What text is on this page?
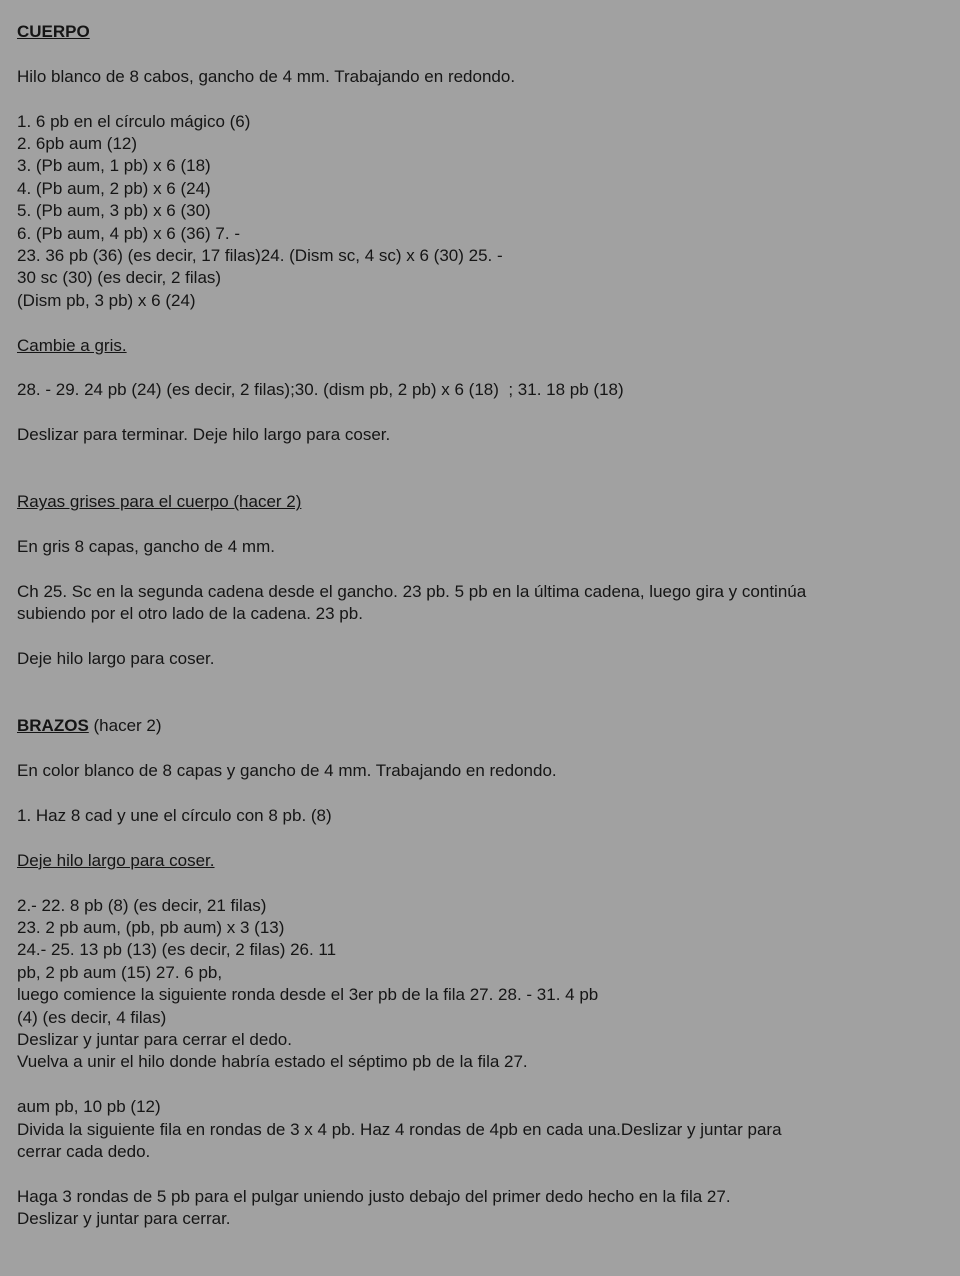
CUERPO
Hilo blanco de 8 cabos, gancho de 4 mm. Trabajando en redondo.
1. 6 pb en el círculo mágico (6)
2. 6pb aum (12)
3. (Pb aum, 1 pb) x 6 (18)
4. (Pb aum, 2 pb) x 6 (24)
5. (Pb aum, 3 pb) x 6 (30)
6. (Pb aum, 4 pb) x 6 (36) 7. -
23. 36 pb (36) (es decir, 17 filas)24. (Dism sc, 4 sc) x 6 (30) 25. -
30 sc (30) (es decir, 2 filas)
(Dism pb, 3 pb) x 6 (24)
Cambie a gris.
28. - 29. 24 pb (24) (es decir, 2 filas);30. (dism pb, 2 pb) x 6 (18)  ; 31. 18 pb (18)
Deslizar para terminar. Deje hilo largo para coser.
Rayas grises para el cuerpo (hacer 2)
En gris 8 capas, gancho de 4 mm.
Ch 25. Sc en la segunda cadena desde el gancho. 23 pb. 5 pb en la última cadena, luego gira y continúa
subiendo por el otro lado de la cadena. 23 pb.
Deje hilo largo para coser.
BRAZOS (hacer 2)
En color blanco de 8 capas y gancho de 4 mm. Trabajando en redondo.
1. Haz 8 cad y une el círculo con 8 pb. (8)
Deje hilo largo para coser.
2.- 22. 8 pb (8) (es decir, 21 filas)
23. 2 pb aum, (pb, pb aum) x 3 (13)
24.- 25. 13 pb (13) (es decir, 2 filas) 26. 11
pb, 2 pb aum (15) 27. 6 pb,
luego comience la siguiente ronda desde el 3er pb de la fila 27. 28. - 31. 4 pb
(4) (es decir, 4 filas)
Deslizar y juntar para cerrar el dedo.
Vuelva a unir el hilo donde habría estado el séptimo pb de la fila 27.
aum pb, 10 pb (12)
Divida la siguiente fila en rondas de 3 x 4 pb. Haz 4 rondas de 4pb en cada una.Deslizar y juntar para
cerrar cada dedo.
Haga 3 rondas de 5 pb para el pulgar uniendo justo debajo del primer dedo hecho en la fila 27.
Deslizar y juntar para cerrar.
